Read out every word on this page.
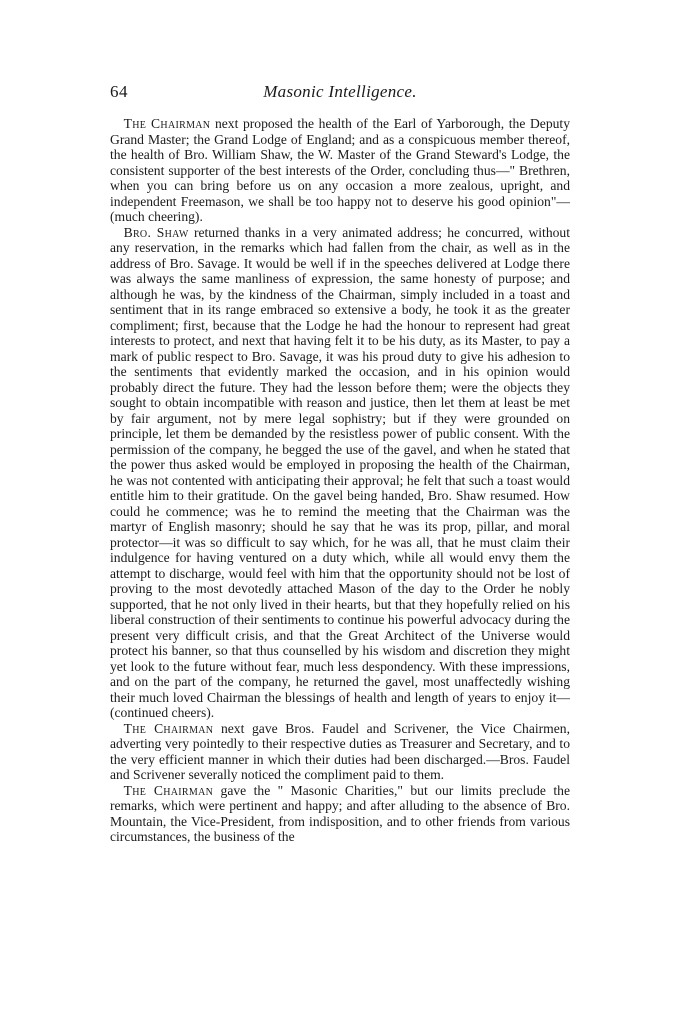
64	Masonic Intelligence.

The Chairman next proposed the health of the Earl of Yarborough, the Deputy Grand Master; the Grand Lodge of England; and as a conspicuous member thereof, the health of Bro. William Shaw, the W. Master of the Grand Steward's Lodge, the consistent supporter of the best interests of the Order, concluding thus—" Brethren, when you can bring before us on any occasion a more zealous, upright, and independent Freemason, we shall be too happy not to deserve his good opinion"—(much cheering).

Bro. Shaw returned thanks in a very animated address; he concurred, without any reservation, in the remarks which had fallen from the chair, as well as in the address of Bro. Savage. It would be well if in the speeches delivered at Lodge there was always the same manliness of expression, the same honesty of purpose; and although he was, by the kindness of the Chairman, simply included in a toast and sentiment that in its range embraced so extensive a body, he took it as the greater compliment; first, because that the Lodge he had the honour to represent had great interests to protect, and next that having felt it to be his duty, as its Master, to pay a mark of public respect to Bro. Savage, it was his proud duty to give his adhesion to the sentiments that evidently marked the occasion, and in his opinion would probably direct the future. They had the lesson before them; were the objects they sought to obtain incompatible with reason and justice, then let them at least be met by fair argument, not by mere legal sophistry; but if they were grounded on principle, let them be demanded by the resistless power of public consent. With the permission of the company, he begged the use of the gavel, and when he stated that the power thus asked would be employed in proposing the health of the Chairman, he was not contented with anticipating their approval; he felt that such a toast would entitle him to their gratitude. On the gavel being handed, Bro. Shaw resumed. How could he commence; was he to remind the meeting that the Chairman was the martyr of English masonry; should he say that he was its prop, pillar, and moral protector—it was so difficult to say which, for he was all, that he must claim their indulgence for having ventured on a duty which, while all would envy them the attempt to discharge, would feel with him that the opportunity should not be lost of proving to the most devotedly attached Mason of the day to the Order he nobly supported, that he not only lived in their hearts, but that they hopefully relied on his liberal construction of their sentiments to continue his powerful advocacy during the present very difficult crisis, and that the Great Architect of the Universe would protect his banner, so that thus counselled by his wisdom and discretion they might yet look to the future without fear, much less despondency. With these impressions, and on the part of the company, he returned the gavel, most unaffectedly wishing their much loved Chairman the blessings of health and length of years to enjoy it—(continued cheers).

The Chairman next gave Bros. Faudel and Scrivener, the Vice Chairmen, adverting very pointedly to their respective duties as Treasurer and Secretary, and to the very efficient manner in which their duties had been discharged.—Bros. Faudel and Scrivener severally noticed the compliment paid to them.

The Chairman gave the " Masonic Charities," but our limits preclude the remarks, which were pertinent and happy; and after alluding to the absence of Bro. Mountain, the Vice-President, from indisposition, and to other friends from various circumstances, the business of the
